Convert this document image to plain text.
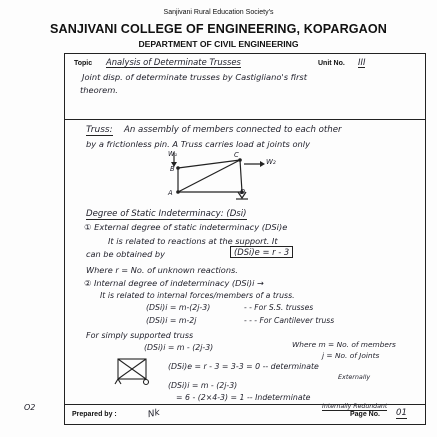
Sanjivani Rural Education Society's
SANJIVANI COLLEGE OF ENGINEERING, KOPARGAON
DEPARTMENT OF CIVIL ENGINEERING
Topic Analysis of Determinate Trusses	Unit No. III
Joint disp. of determinate trusses by Castigliano's first
theorem.
Truss: An assembly of members connected to each other
by a frictionless pin. A Truss carries load at joints only
W₁
B
C
W₂
A	D
Degree of Static Indeterminacy: (Dsi)
① External degree of static indeterminacy (DSi)e
It is related to reactions at the support. It
can be obtained by	(DSi)e = r - 3
Where r = No. of unknown reactions.
② Internal degree of indeterminacy (DSi)i →
It is related to internal forces/members of a truss.
(DSi)i = m-(2j-3)	- - For S.S. trusses
(DSi)i = m-2j	- - - For Cantilever truss
For simply supported truss
(DSi)i = m - (2j-3)	Where m = No. of members
j = No. of Joints
(DSi)e = r - 3 = 3-3 = 0 -- determinate
Externally
(DSi)i = m - (2j-3)
= 6 - (2×4-3) = 1 -- Indeterminate
Internally Redundant
O2
Prepared by :	Nk	Page No. 01
